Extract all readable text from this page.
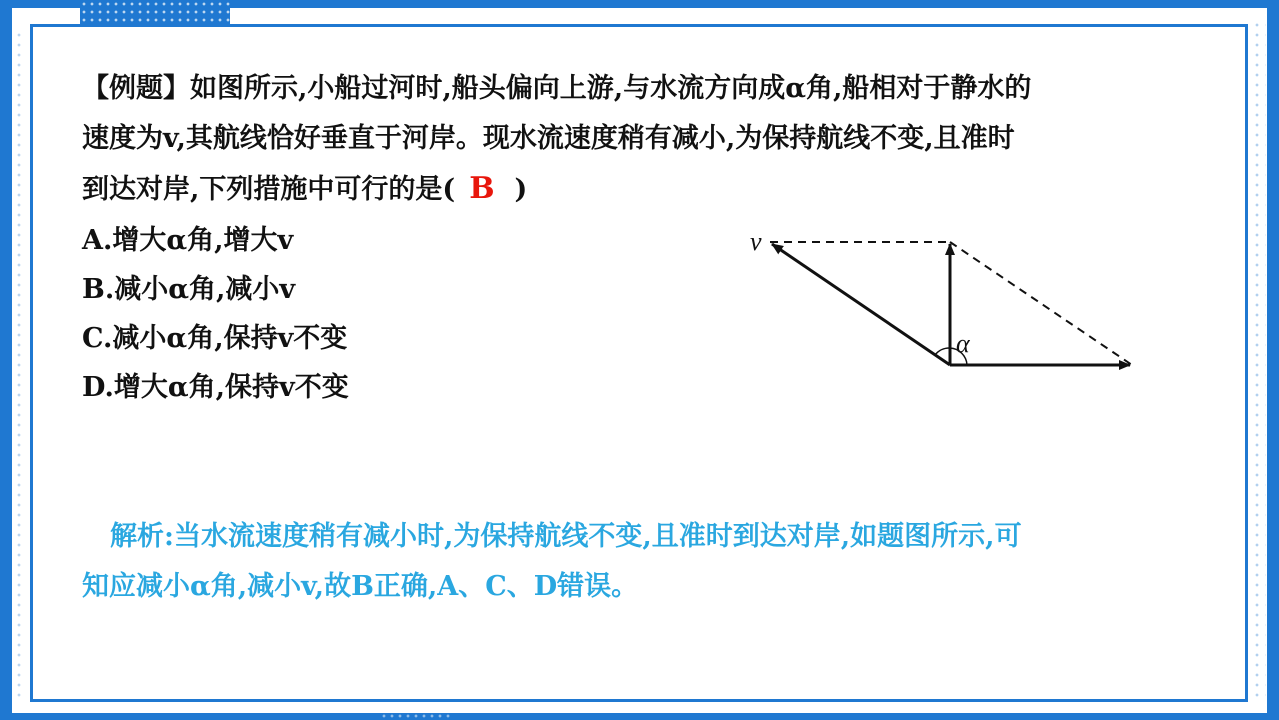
【例题】如图所示,小船过河时,船头偏向上游,与水流方向成α角,船相对于静水的
速度为v,其航线恰好垂直于河岸。现水流速度稍有减小,为保持航线不变,且准时
到达对岸,下列措施中可行的是( B )
A.增大α角,增大v
B.减小α角,减小v
C.减小α角,保持v不变
D.增大α角,保持v不变
v
α
解析:当水流速度稍有减小时,为保持航线不变,且准时到达对岸,如题图所示,可
知应减小α角,减小v,故B正确,A、C、D错误。
